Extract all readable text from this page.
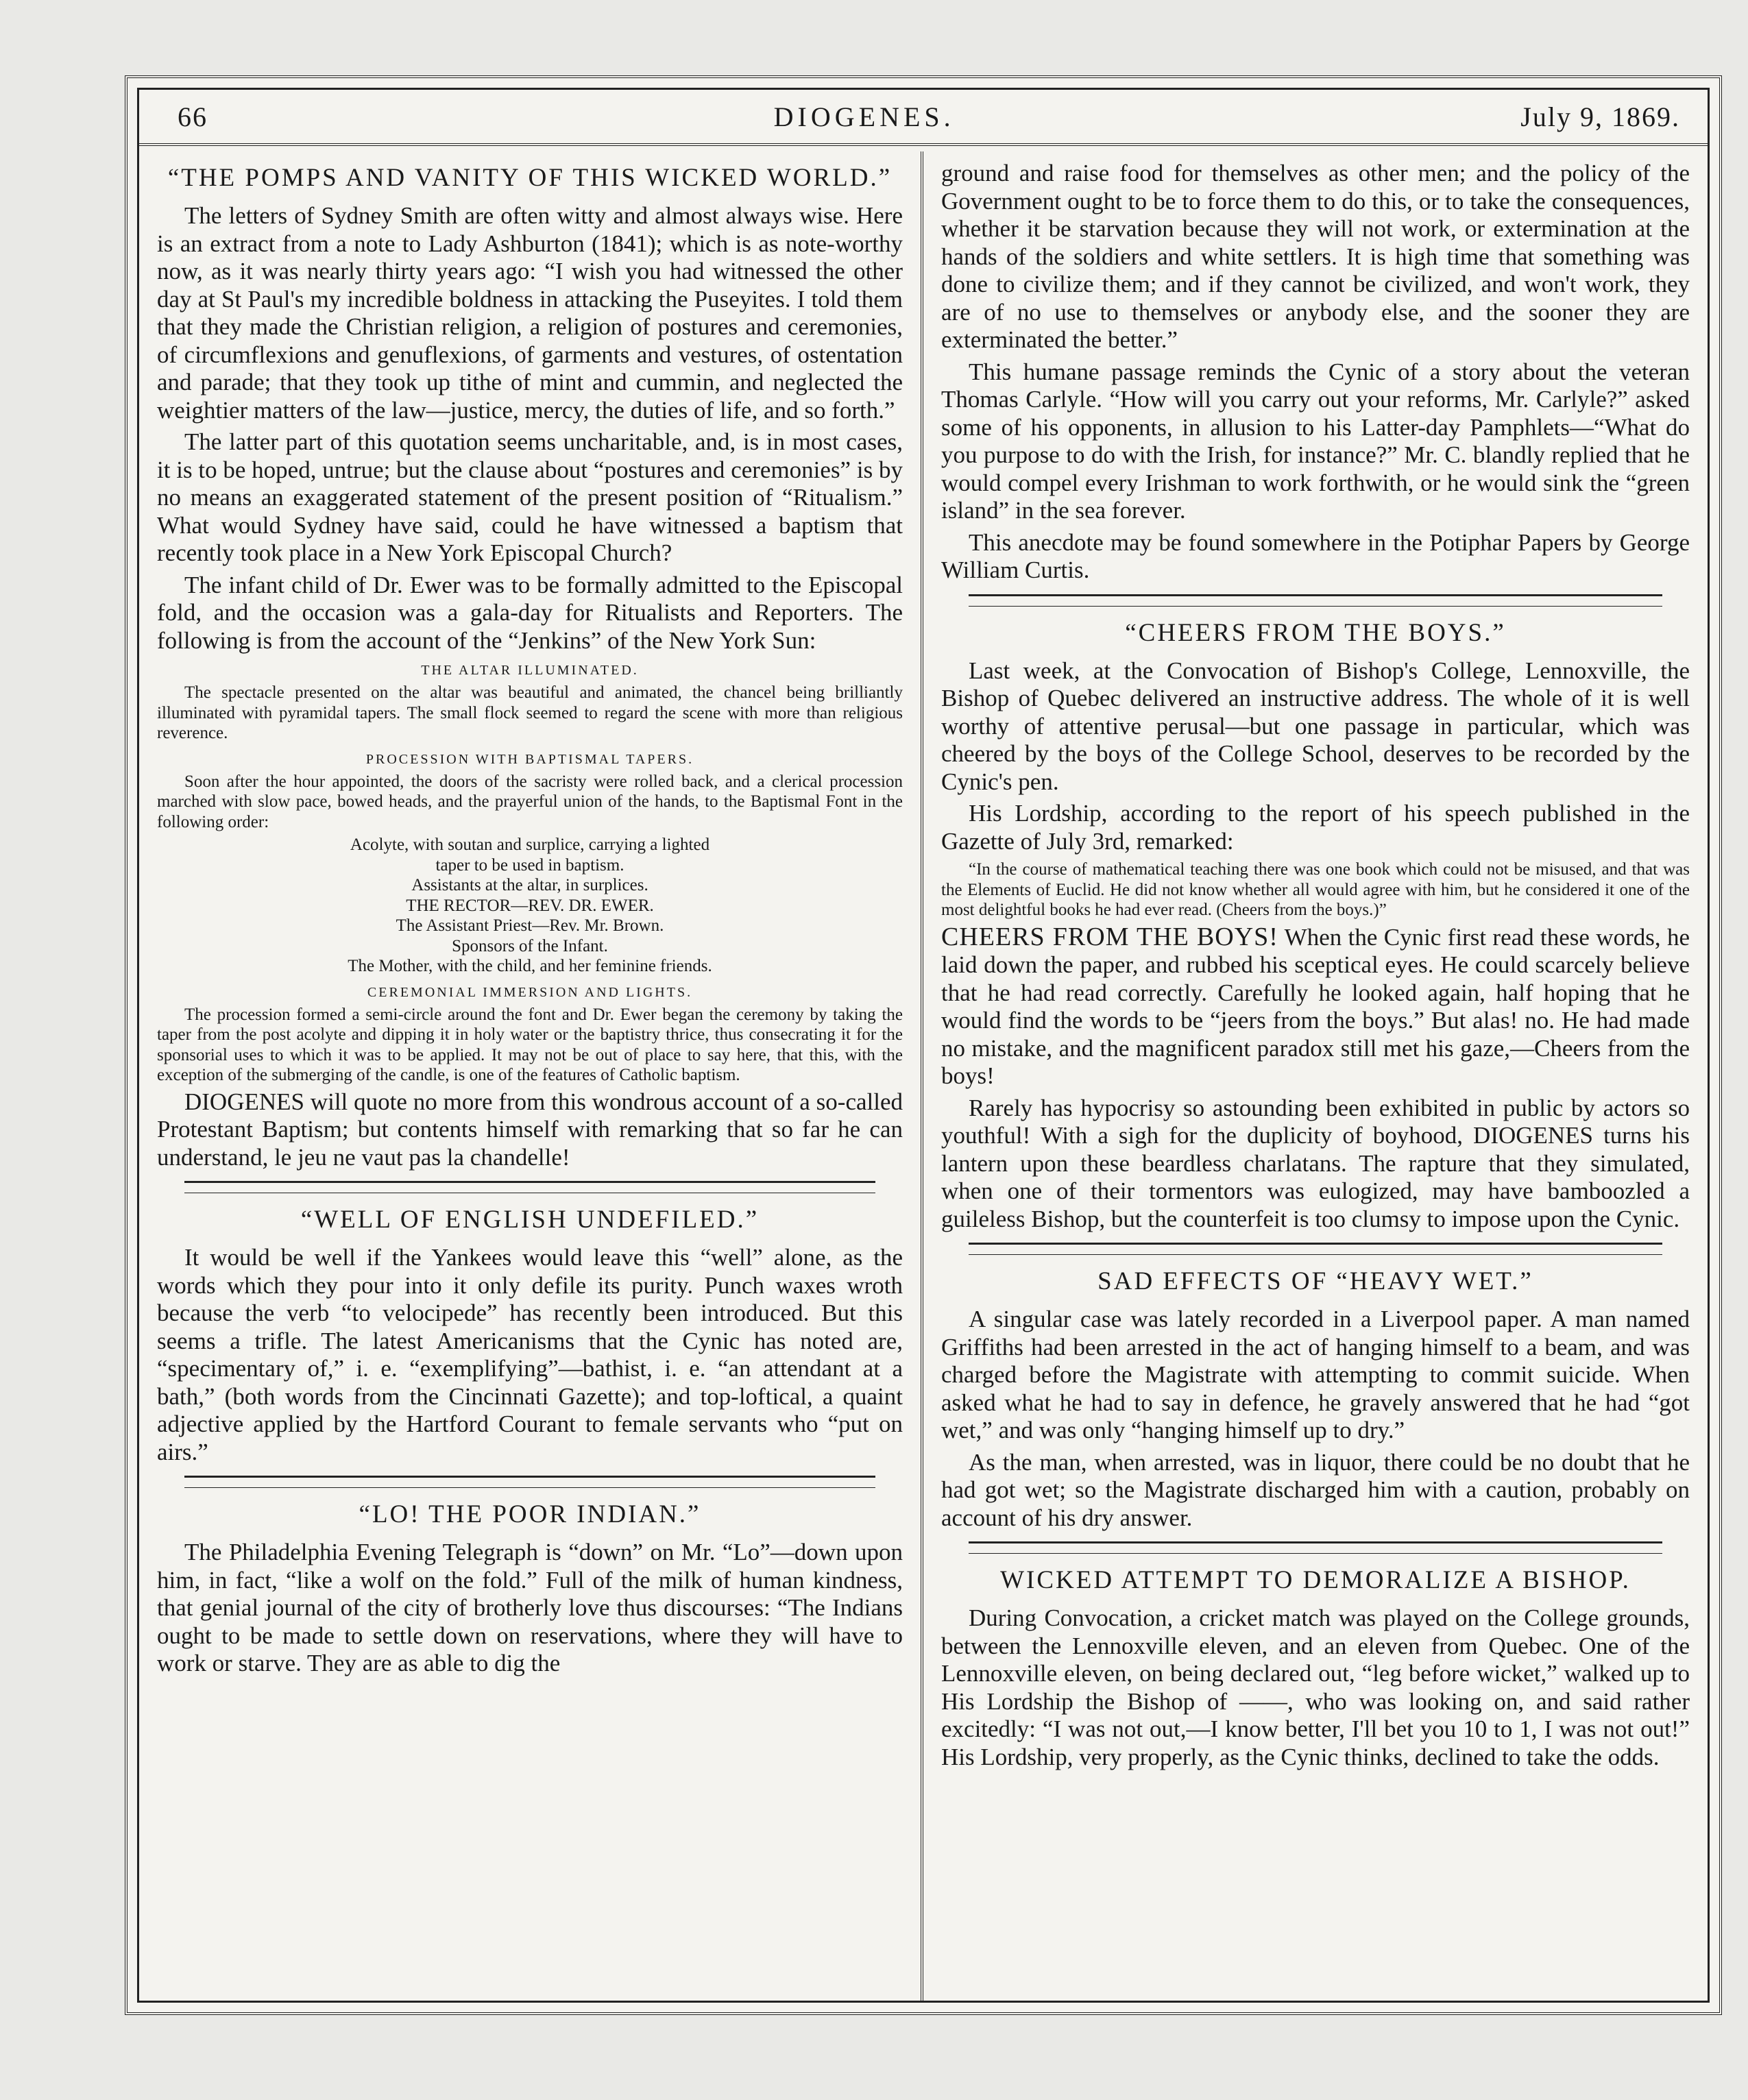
66	DIOGENES.	July 9, 1869.
“THE POMPS AND VANITY OF THIS WICKED WORLD.”

The letters of Sydney Smith are often witty and almost always wise. Here is an extract from a note to Lady Ashburton (1841); which is as note-worthy now, as it was nearly thirty years ago: “I wish you had witnessed the other day at St Paul's my incredible boldness in attacking the Puseyites. I told them that they made the Christian religion, a religion of postures and ceremonies, of circumflexions and genuflexions, of garments and vestures, of ostentation and parade; that they took up tithe of mint and cummin, and neglected the weightier matters of the law—justice, mercy, the duties of life, and so forth.”

The latter part of this quotation seems uncharitable, and, is in most cases, it is to be hoped, untrue; but the clause about “postures and ceremonies” is by no means an exaggerated statement of the present position of “Ritualism.” What would Sydney have said, could he have witnessed a baptism that recently took place in a New York Episcopal Church?

The infant child of Dr. Ewer was to be formally admitted to the Episcopal fold, and the occasion was a gala-day for Ritualists and Reporters. The following is from the account of the “Jenkins” of the New York Sun:

THE ALTAR ILLUMINATED.

The spectacle presented on the altar was beautiful and animated, the chancel being brilliantly illuminated with pyramidal tapers. The small flock seemed to regard the scene with more than religious reverence.

PROCESSION WITH BAPTISMAL TAPERS.

Soon after the hour appointed, the doors of the sacristy were rolled back, and a clerical procession marched with slow pace, bowed heads, and the prayerful union of the hands, to the Baptismal Font in the following order:

Acolyte, with soutan and surplice, carrying a lighted
taper to be used in baptism.
Assistants at the altar, in surplices.
THE RECTOR—REV. DR. EWER.
The Assistant Priest—Rev. Mr. Brown.
Sponsors of the Infant.
The Mother, with the child, and her feminine friends.
CEREMONIAL IMMERSION AND LIGHTS.

The procession formed a semi-circle around the font and Dr. Ewer began the ceremony by taking the taper from the post acolyte and dipping it in holy water or the baptistry thrice, thus consecrating it for the sponsorial uses to which it was to be applied. It may not be out of place to say here, that this, with the exception of the submerging of the candle, is one of the features of Catholic baptism.

DIOGENES will quote no more from this wondrous account of a so-called Protestant Baptism; but contents himself with remarking that so far he can understand, le jeu ne vaut pas la chandelle!

“WELL OF ENGLISH UNDEFILED.”

It would be well if the Yankees would leave this “well” alone, as the words which they pour into it only defile its purity. Punch waxes wroth because the verb “to velocipede” has recently been introduced. But this seems a trifle. The latest Americanisms that the Cynic has noted are, “specimentary of,” i. e. “exemplifying”—bathist, i. e. “an attendant at a bath,” (both words from the Cincinnati Gazette); and top-loftical, a quaint adjective applied by the Hartford Courant to female servants who “put on airs.”

“LO! THE POOR INDIAN.”

The Philadelphia Evening Telegraph is “down” on Mr. “Lo”—down upon him, in fact, “like a wolf on the fold.” Full of the milk of human kindness, that genial journal of the city of brotherly love thus discourses: “The Indians ought to be made to settle down on reservations, where they will have to work or starve. They are as able to dig the

ground and raise food for themselves as other men; and the policy of the Government ought to be to force them to do this, or to take the consequences, whether it be starvation because they will not work, or extermination at the hands of the soldiers and white settlers. It is high time that something was done to civilize them; and if they cannot be civilized, and won't work, they are of no use to themselves or anybody else, and the sooner they are exterminated the better.”

This humane passage reminds the Cynic of a story about the veteran Thomas Carlyle. “How will you carry out your reforms, Mr. Carlyle?” asked some of his opponents, in allusion to his Latter-day Pamphlets—“What do you purpose to do with the Irish, for instance?” Mr. C. blandly replied that he would compel every Irishman to work forthwith, or he would sink the “green island” in the sea forever.

This anecdote may be found somewhere in the Potiphar Papers by George William Curtis.

“CHEERS FROM THE BOYS.”

Last week, at the Convocation of Bishop's College, Lennoxville, the Bishop of Quebec delivered an instructive address. The whole of it is well worthy of attentive perusal—but one passage in particular, which was cheered by the boys of the College School, deserves to be recorded by the Cynic's pen.

His Lordship, according to the report of his speech published in the Gazette of July 3rd, remarked:

“In the course of mathematical teaching there was one book which could not be misused, and that was the Elements of Euclid. He did not know whether all would agree with him, but he considered it one of the most delightful books he had ever read. (Cheers from the boys.)”

CHEERS FROM THE BOYS! When the Cynic first read these words, he laid down the paper, and rubbed his sceptical eyes. He could scarcely believe that he had read correctly. Carefully he looked again, half hoping that he would find the words to be “jeers from the boys.” But alas! no. He had made no mistake, and the magnificent paradox still met his gaze,—Cheers from the boys!

Rarely has hypocrisy so astounding been exhibited in public by actors so youthful! With a sigh for the duplicity of boyhood, DIOGENES turns his lantern upon these beardless charlatans. The rapture that they simulated, when one of their tormentors was eulogized, may have bamboozled a guileless Bishop, but the counterfeit is too clumsy to impose upon the Cynic.

SAD EFFECTS OF “HEAVY WET.”

A singular case was lately recorded in a Liverpool paper. A man named Griffiths had been arrested in the act of hanging himself to a beam, and was charged before the Magistrate with attempting to commit suicide. When asked what he had to say in defence, he gravely answered that he had “got wet,” and was only “hanging himself up to dry.”

As the man, when arrested, was in liquor, there could be no doubt that he had got wet; so the Magistrate discharged him with a caution, probably on account of his dry answer.

WICKED ATTEMPT TO DEMORALIZE A BISHOP.

During Convocation, a cricket match was played on the College grounds, between the Lennoxville eleven, and an eleven from Quebec. One of the Lennoxville eleven, on being declared out, “leg before wicket,” walked up to His Lordship the Bishop of ——, who was looking on, and said rather excitedly: “I was not out,—I know better, I'll bet you 10 to 1, I was not out!” His Lordship, very properly, as the Cynic thinks, declined to take the odds.
